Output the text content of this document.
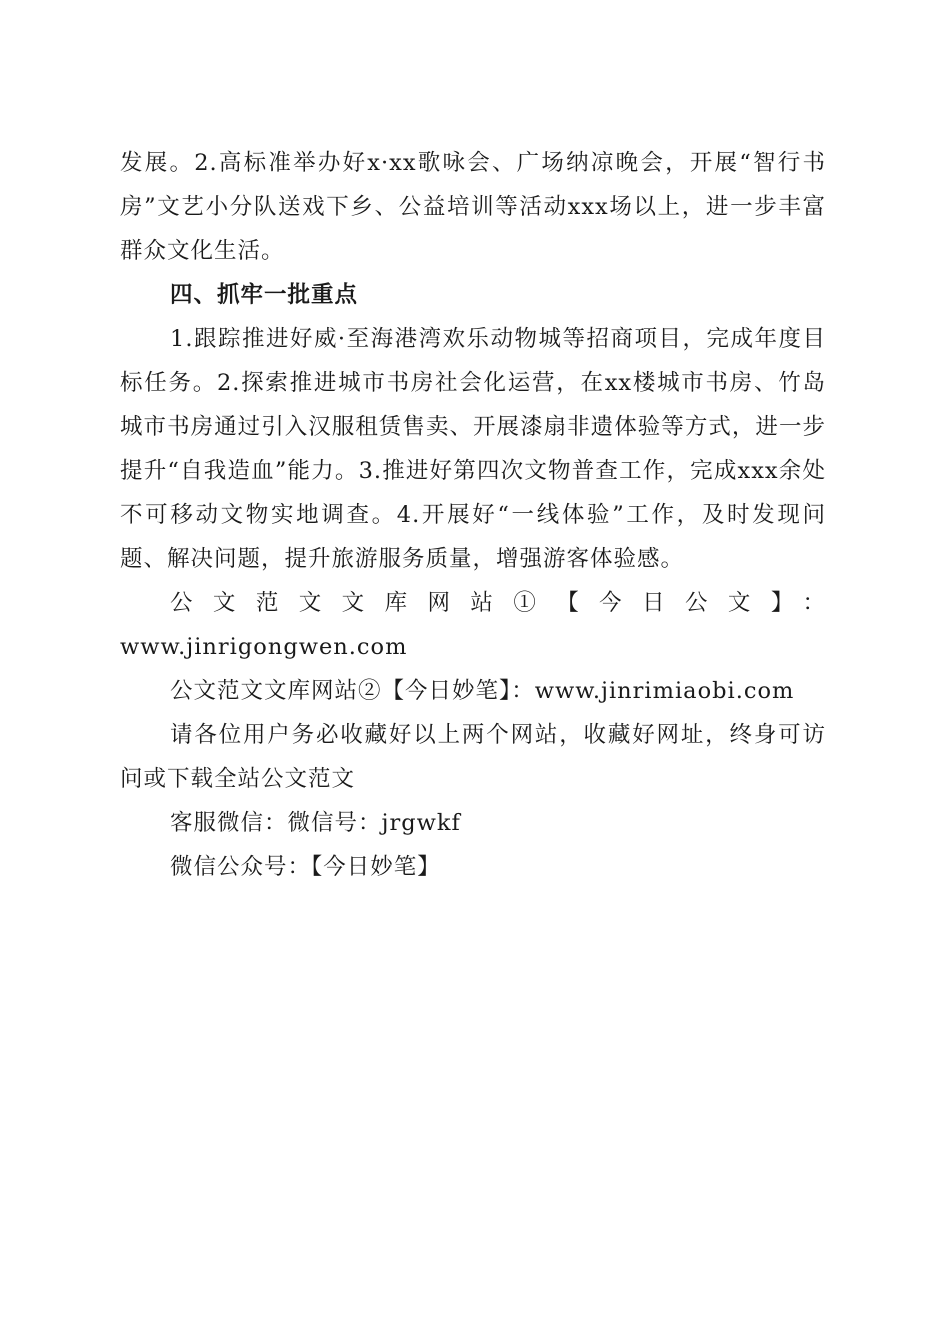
发展。2.高标准举办好x·xx歌咏会、广场纳凉晚会，开展“智行书房”文艺小分队送戏下乡、公益培训等活动xxx场以上，进一步丰富群众文化生活。

四、抓牢一批重点

1.跟踪推进好威·至海港湾欢乐动物城等招商项目，完成年度目标任务。2.探索推进城市书房社会化运营，在xx楼城市书房、竹岛城市书房通过引入汉服租赁售卖、开展漆扇非遗体验等方式，进一步提升“自我造血”能力。3.推进好第四次文物普查工作，完成xxx余处不可移动文物实地调查。4.开展好“一线体验”工作，及时发现问题、解决问题，提升旅游服务质量，增强游客体验感。

公文范文文库网站①【今日公文】：

www.jinrigongwen.com

公文范文文库网站②【今日妙笔】：www.jinrimiaobi.com

请各位用户务必收藏好以上两个网站，收藏好网址，终身可访问或下载全站公文范文

客服微信：微信号：jrgwkf

微信公众号：【今日妙笔】
